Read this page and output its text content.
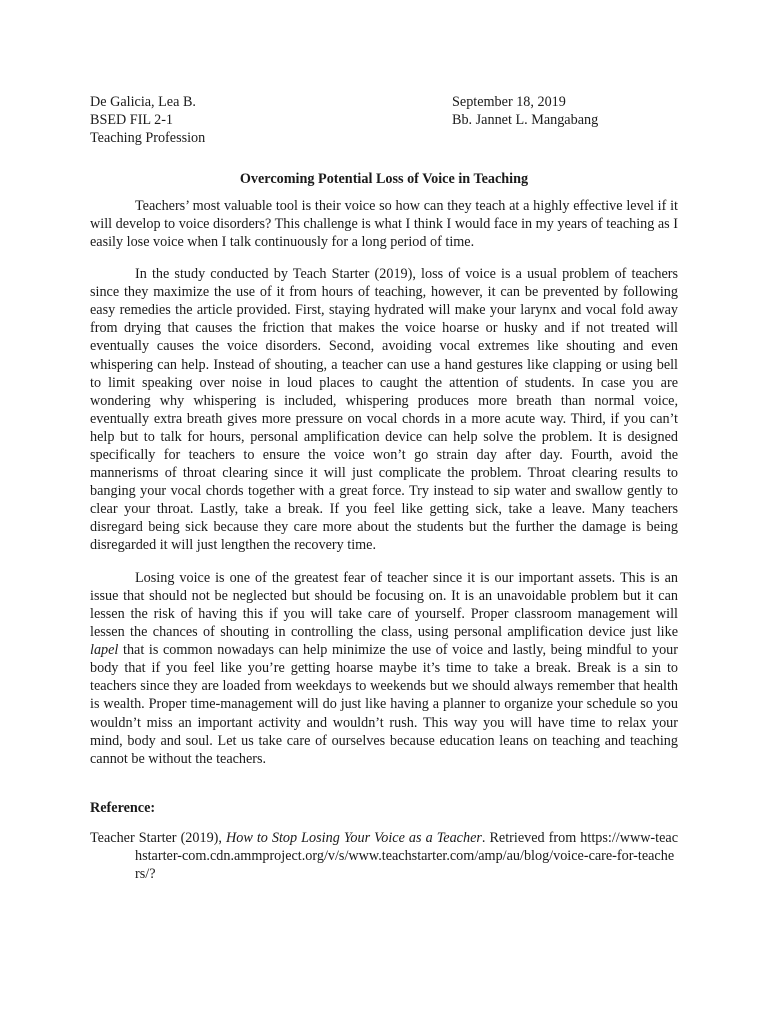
De Galicia, Lea B.
BSED FIL 2-1
Teaching Profession
September 18, 2019
Bb. Jannet L. Mangabang
Overcoming Potential Loss of Voice in Teaching

Teachers’ most valuable tool is their voice so how can they teach at a highly effective level if it will develop to voice disorders? This challenge is what I think I would face in my years of teaching as I easily lose voice when I talk continuously for a long period of time.

In the study conducted by Teach Starter (2019), loss of voice is a usual problem of teachers since they maximize the use of it from hours of teaching, however, it can be prevented by following easy remedies the article provided. First, staying hydrated will make your larynx and vocal fold away from drying that causes the friction that makes the voice hoarse or husky and if not treated will eventually causes the voice disorders. Second, avoiding vocal extremes like shouting and even whispering can help. Instead of shouting, a teacher can use a hand gestures like clapping or using bell to limit speaking over noise in loud places to caught the attention of students. In case you are wondering why whispering is included, whispering produces more breath than normal voice, eventually extra breath gives more pressure on vocal chords in a more acute way. Third, if you can’t help but to talk for hours, personal amplification device can help solve the problem. It is designed specifically for teachers to ensure the voice won’t go strain day after day. Fourth, avoid the mannerisms of throat clearing since it will just complicate the problem. Throat clearing results to banging your vocal chords together with a great force. Try instead to sip water and swallow gently to clear your throat. Lastly, take a break. If you feel like getting sick, take a leave. Many teachers disregard being sick because they care more about the students but the further the damage is being disregarded it will just lengthen the recovery time.

Losing voice is one of the greatest fear of teacher since it is our important assets. This is an issue that should not be neglected but should be focusing on. It is an unavoidable problem but it can lessen the risk of having this if you will take care of yourself. Proper classroom management will lessen the chances of shouting in controlling the class, using personal amplification device just like lapel that is common nowadays can help minimize the use of voice and lastly, being mindful to your body that if you feel like you’re getting hoarse maybe it’s time to take a break. Break is a sin to teachers since they are loaded from weekdays to weekends but we should always remember that health is wealth. Proper time-management will do just like having a planner to organize your schedule so you wouldn’t miss an important activity and wouldn’t rush. This way you will have time to relax your mind, body and soul. Let us take care of ourselves because education leans on teaching and teaching cannot be without the teachers.

Reference:
Teacher Starter (2019), How to Stop Losing Your Voice as a Teacher. Retrieved from https://www-teachstarter-com.cdn.ammproject.org/v/s/www.teachstarter.com/amp/au/blog/voice-care-for-teachers/?
